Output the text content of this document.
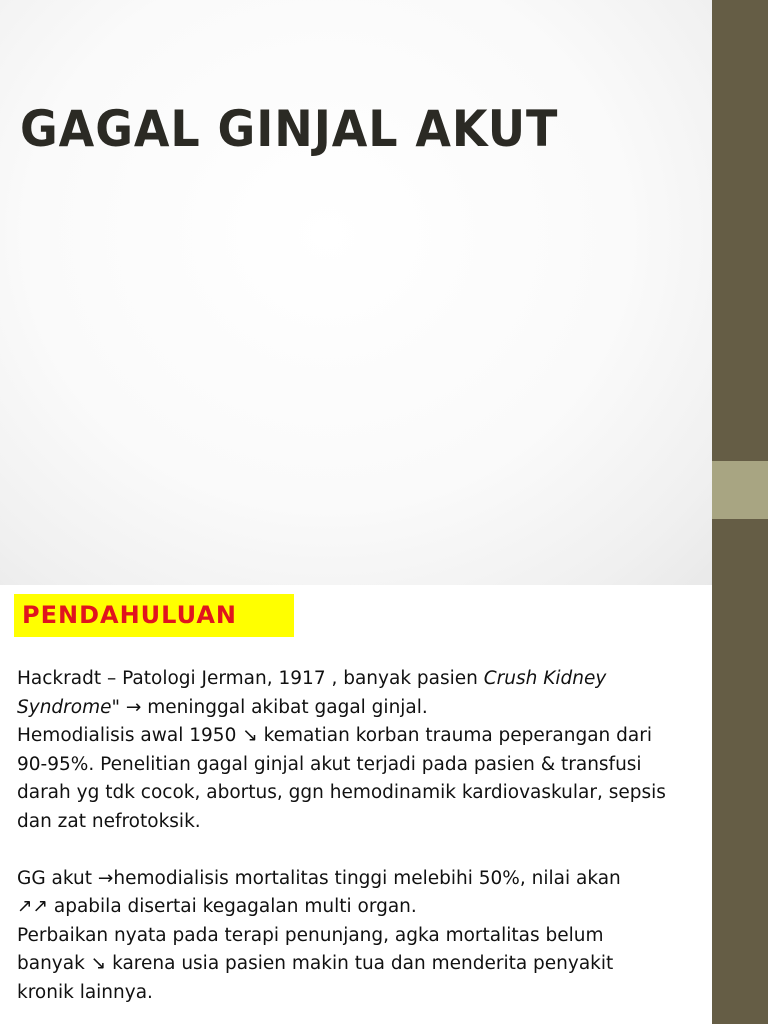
GAGAL GINJAL AKUT
PENDAHULUAN

Hackradt – Patologi Jerman, 1917 , banyak pasien Crush Kidney

Syndrome" → meninggal akibat gagal ginjal.

Hemodialisis awal 1950 ↘ kematian korban trauma peperangan dari

90-95%. Penelitian gagal ginjal akut terjadi pada pasien & transfusi

darah yg tdk cocok, abortus, ggn hemodinamik kardiovaskular, sepsis

dan zat nefrotoksik.

GG akut →hemodialisis mortalitas tinggi melebihi 50%, nilai akan

↗↗ apabila disertai kegagalan multi organ.

Perbaikan nyata pada terapi penunjang, agka mortalitas belum

banyak ↘ karena usia pasien makin tua dan menderita penyakit

kronik lainnya.
